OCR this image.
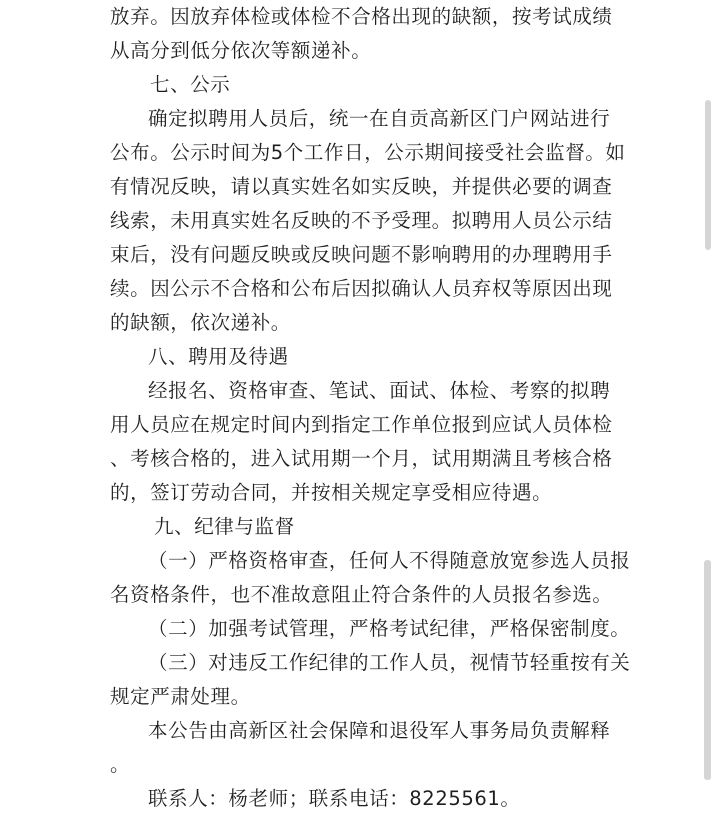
放弃。因放弃体检或体检不合格出现的缺额，按考试成绩
从高分到低分依次等额递补。
七、公示
确定拟聘用人员后，统一在自贡高新区门户网站进行
公布。公示时间为5个工作日，公示期间接受社会监督。如
有情况反映，请以真实姓名如实反映，并提供必要的调查
线索，未用真实姓名反映的不予受理。拟聘用人员公示结
束后，没有问题反映或反映问题不影响聘用的办理聘用手
续。因公示不合格和公布后因拟确认人员弃权等原因出现
的缺额，依次递补。
八、聘用及待遇
经报名、资格审查、笔试、面试、体检、考察的拟聘
用人员应在规定时间内到指定工作单位报到应试人员体检
、考核合格的，进入试用期一个月，试用期满且考核合格
的，签订劳动合同，并按相关规定享受相应待遇。
九、纪律与监督
（一）严格资格审查，任何人不得随意放宽参选人员报
名资格条件，也不准故意阻止符合条件的人员报名参选。
（二）加强考试管理，严格考试纪律，严格保密制度。
（三）对违反工作纪律的工作人员，视情节轻重按有关
规定严肃处理。
本公告由高新区社会保障和退役军人事务局负责解释
。
联系人：杨老师；联系电话：8225561。
